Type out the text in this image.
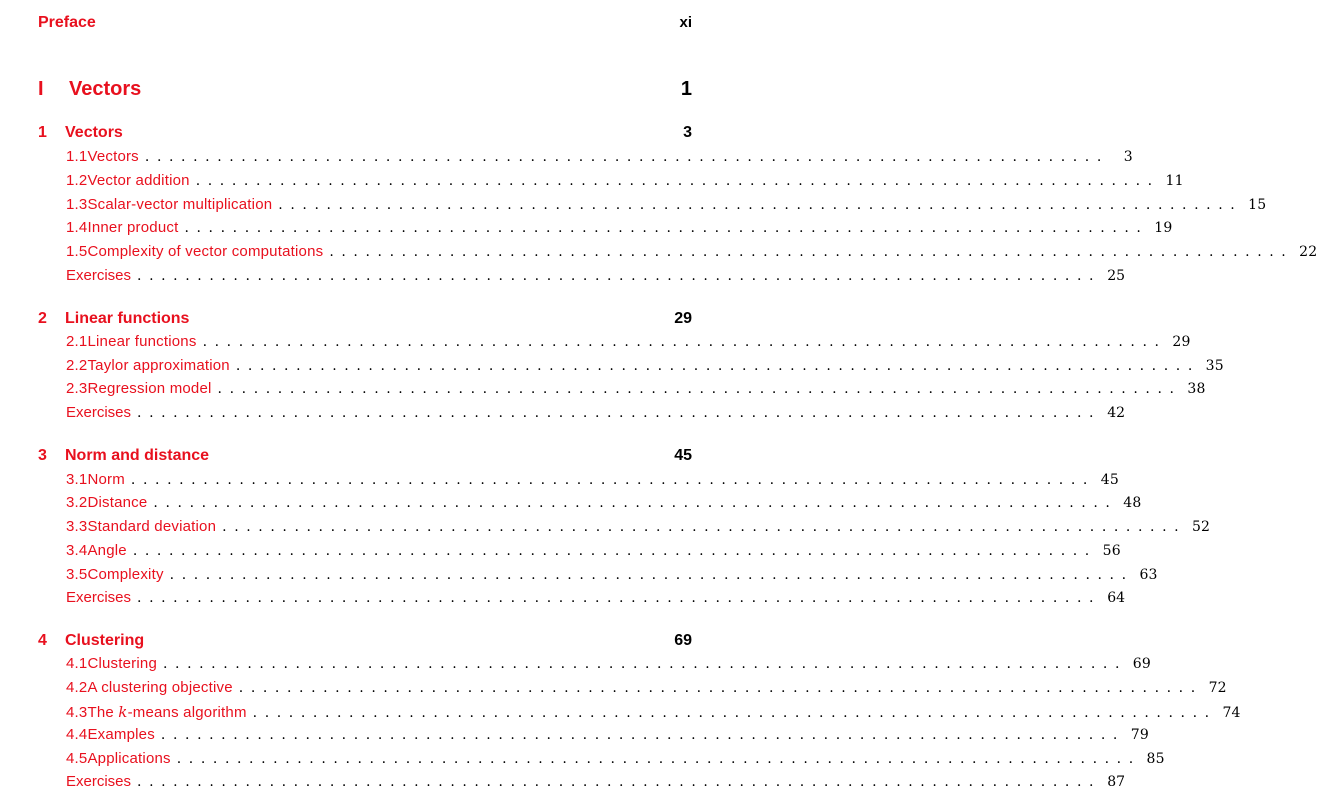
Preface	xi
I	Vectors	1
1	Vectors	3
1.1 Vectors ................................................................................	3
1.2 Vector addition ................................................................................ 11
1.3 Scalar-vector multiplication ................................................................................ 15
1.4 Inner product ................................................................................ 19
1.5 Complexity of vector computations ................................................................................ 22
Exercises ................................................................................ 25
2	Linear functions	29
2.1 Linear functions ................................................................................ 29
2.2 Taylor approximation ................................................................................ 35
2.3 Regression model ................................................................................ 38
Exercises ................................................................................ 42
3	Norm and distance	45
3.1 Norm ................................................................................ 45
3.2 Distance ................................................................................ 48
3.3 Standard deviation ................................................................................ 52
3.4 Angle ................................................................................ 56
3.5 Complexity ................................................................................ 63
Exercises ................................................................................ 64
4	Clustering	69
4.1 Clustering ................................................................................ 69
4.2 A clustering objective ................................................................................ 72
4.3 The k -means algorithm ................................................................................ 74
4.4 Examples ................................................................................ 79
4.5 Applications ................................................................................ 85
Exercises ................................................................................ 87
